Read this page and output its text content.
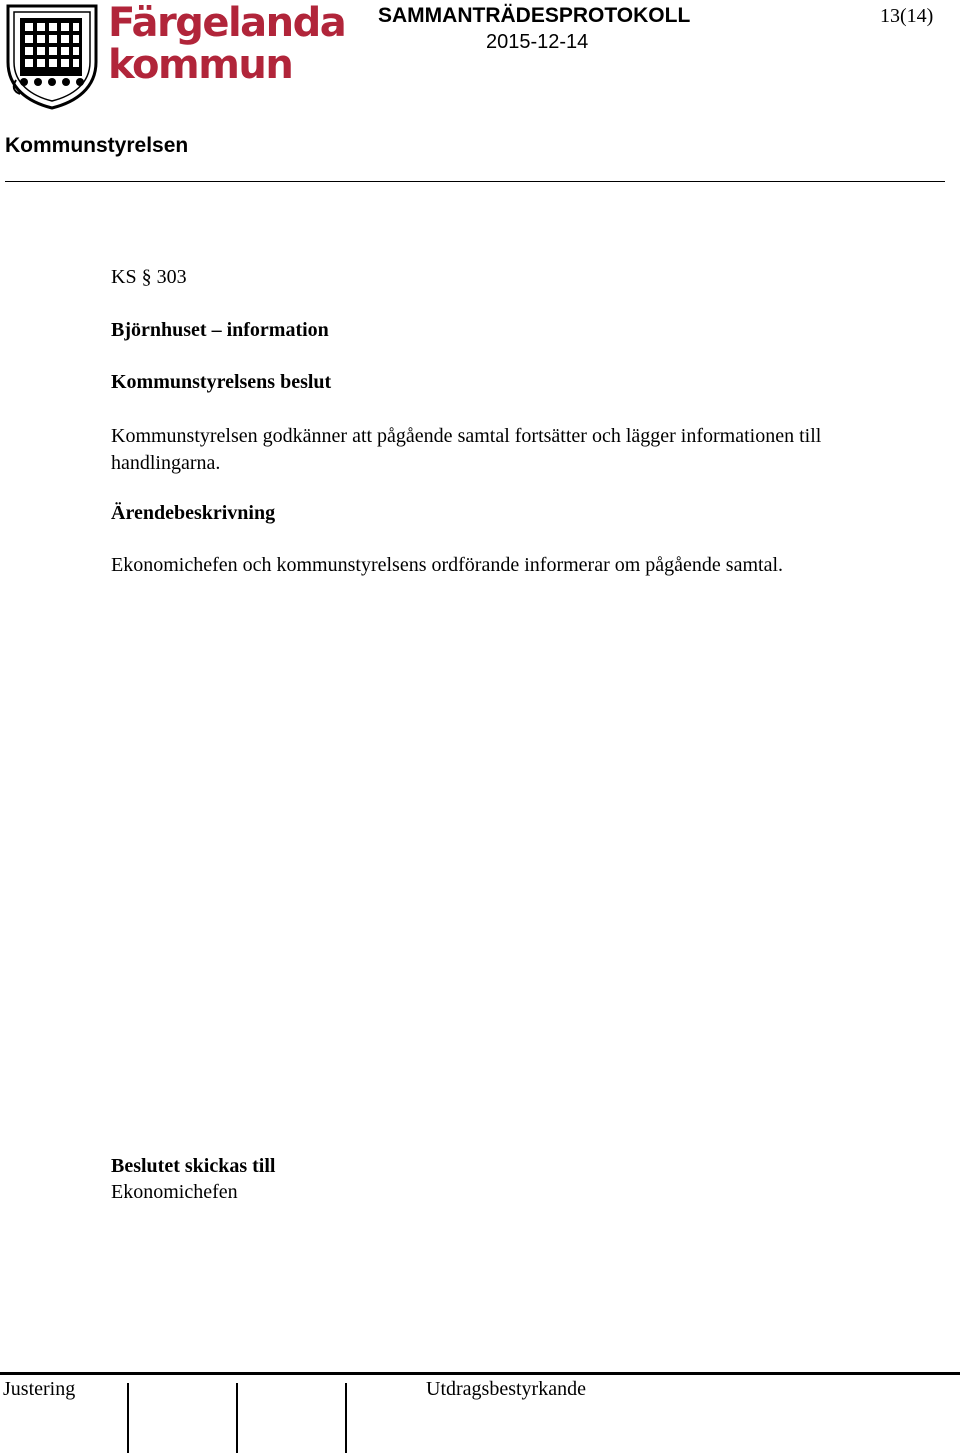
Färgelanda
kommun
SAMMANTRÄDESPROTOKOLL
2015-12-14
13(14)
Kommunstyrelsen
KS § 303
Björnhuset – information
Kommunstyrelsens beslut
Kommunstyrelsen godkänner att pågående samtal fortsätter och lägger informationen till handlingarna.
Ärendebeskrivning
Ekonomichefen och kommunstyrelsens ordförande informerar om pågående samtal.
Beslutet skickas till
Ekonomichefen
Justering	Utdragsbestyrkande
